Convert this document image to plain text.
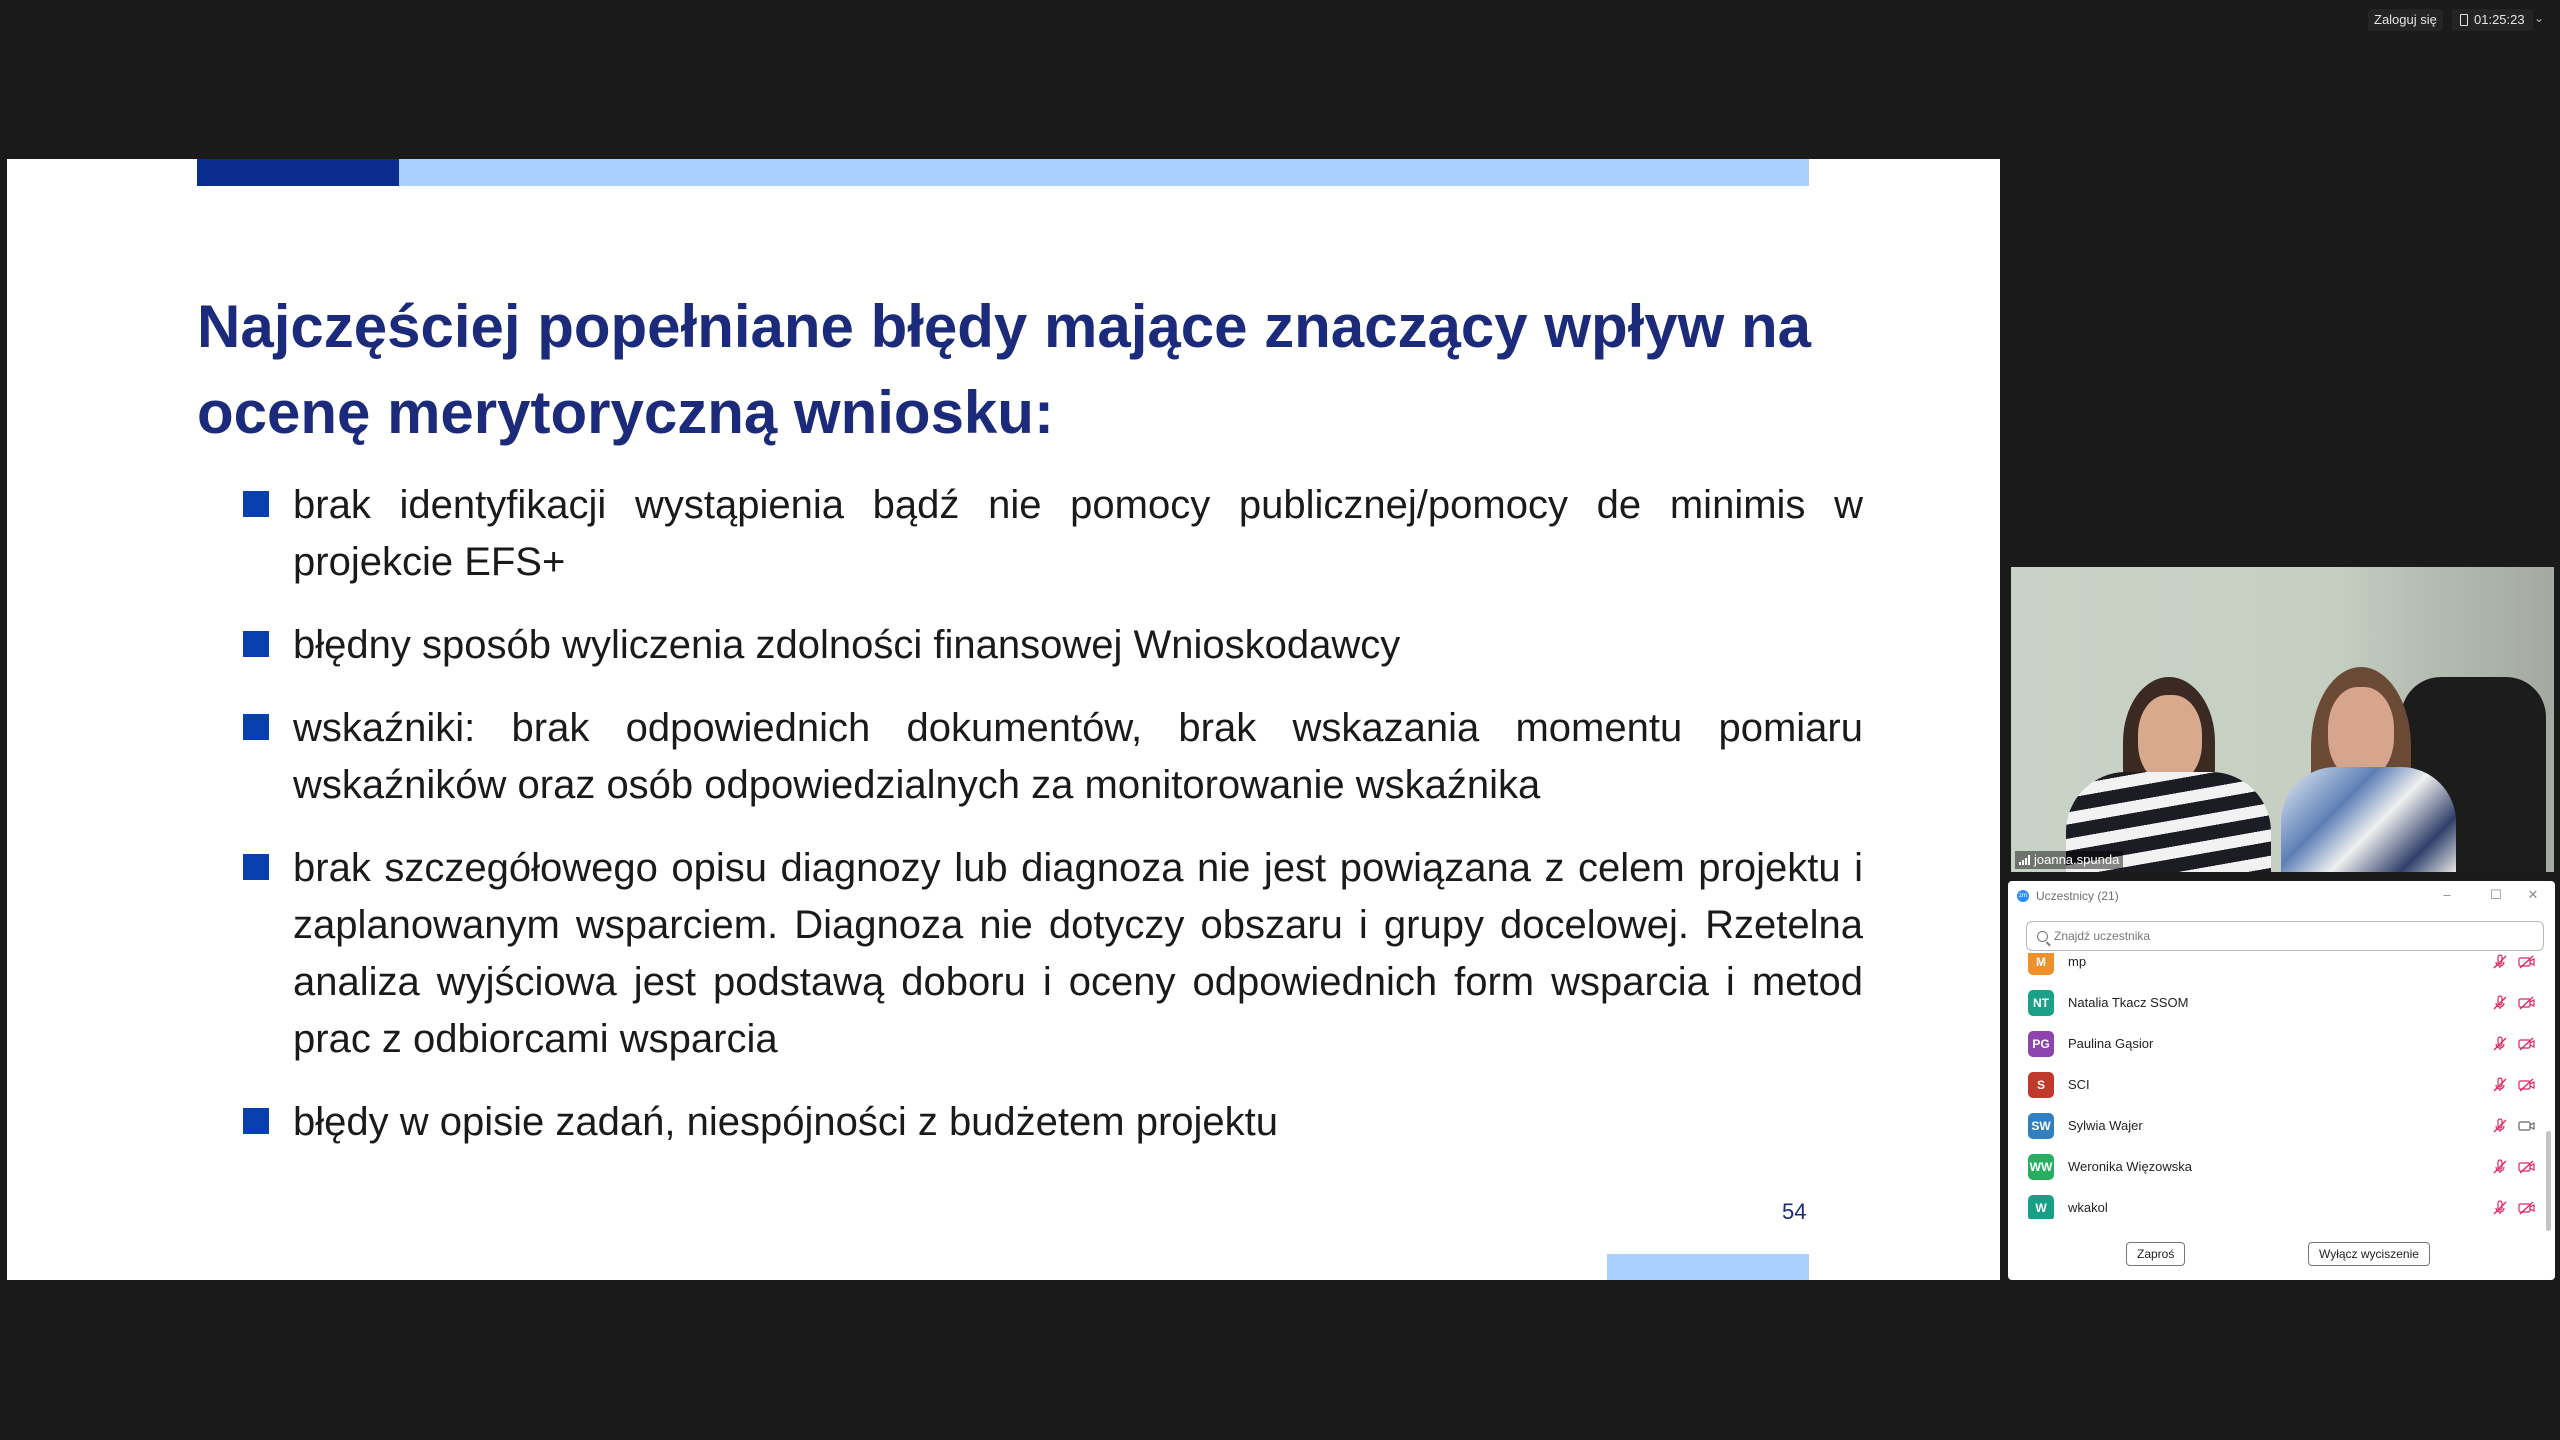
Zaloguj się	01:25:23 ⌄
Najczęściej popełniane błędy mające znaczący wpływ na ocenę merytoryczną wniosku:
brak identyfikacji wystąpienia bądź nie pomocy publicznej/pomocy de minimis w projekcie EFS+
błędny sposób wyliczenia zdolności finansowej Wnioskodawcy
wskaźniki: brak odpowiednich dokumentów, brak wskazania momentu pomiaru wskaźników oraz osób odpowiedzialnych za monitorowanie wskaźnika
brak szczegółowego opisu diagnozy lub diagnoza nie jest powiązana z celem projektu i zaplanowanym wsparciem. Diagnoza nie dotyczy obszaru i grupy docelowej. Rzetelna analiza wyjściowa jest podstawą doboru i oceny odpowiednich form wsparcia i metod prac z odbiorcami wsparcia
błędy w opisie zadań, niespójności z budżetem projektu
54
joanna.spunda
zm Uczestnicy (21)	–	☐ ✕
Znajdź uczestnika
M	mp
NT	Natalia Tkacz SSOM
PG	Paulina Gąsior
S	SCI
SW Sylwia Wajer
WW Weronika Więzowska
W	wkakol
Zaproś	Wyłącz wyciszenie
